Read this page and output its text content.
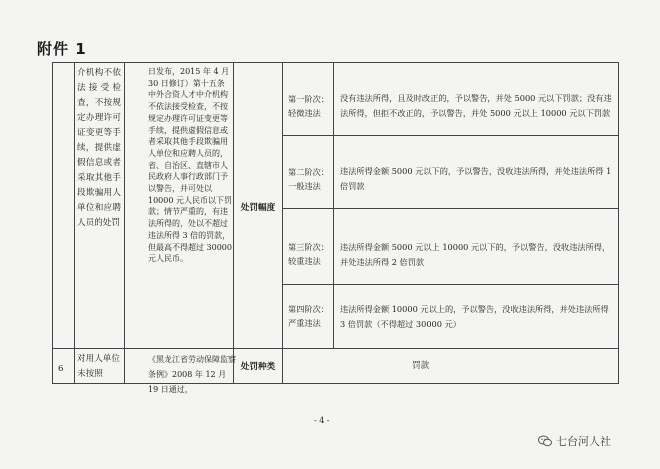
附件 1
介机构不依法接受检查，不按规定办理许可证变更等手续，提供虚假信息或者采取其他手段欺骗用人单位和应聘人员的处罚
日发布，2015 年 4 月 30 日修订）第十五条 中外合资人才中介机构不依法接受检查，不按规定办理许可证变更等手续，提供虚假信息或者采取其他手段欺骗用人单位和应聘人员的，省、自治区、直辖市人民政府人事行政部门予以警告，并可处以 10000 元人民币以下罚款；情节严重的，有违法所得的，处以不超过违法所得 3 倍的罚款，但最高不得超过 30000 元人民币。
处罚幅度
第一阶次：轻微违法
没有违法所得，且及时改正的，予以警告，并处 5000 元以下罚款；没有违法所得，但拒不改正的，予以警告，并处 5000 元以上 10000 元以下罚款
第二阶次：一般违法
违法所得金额 5000 元以下的，予以警告，没收违法所得，并处违法所得 1 倍罚款
第三阶次：较重违法
违法所得金额 5000 元以上 10000 元以下的，予以警告，没收违法所得，并处违法所得 2 倍罚款
第四阶次：严重违法
违法所得金额 10000 元以上的，予以警告，没收违法所得，并处违法所得 3 倍罚款（不得超过 30000 元）
6
对用人单位未按照
《黑龙江省劳动保障监察条例》2008 年 12 月 19 日通过，
处罚种类	罚款
- 4 -
七台河人社
